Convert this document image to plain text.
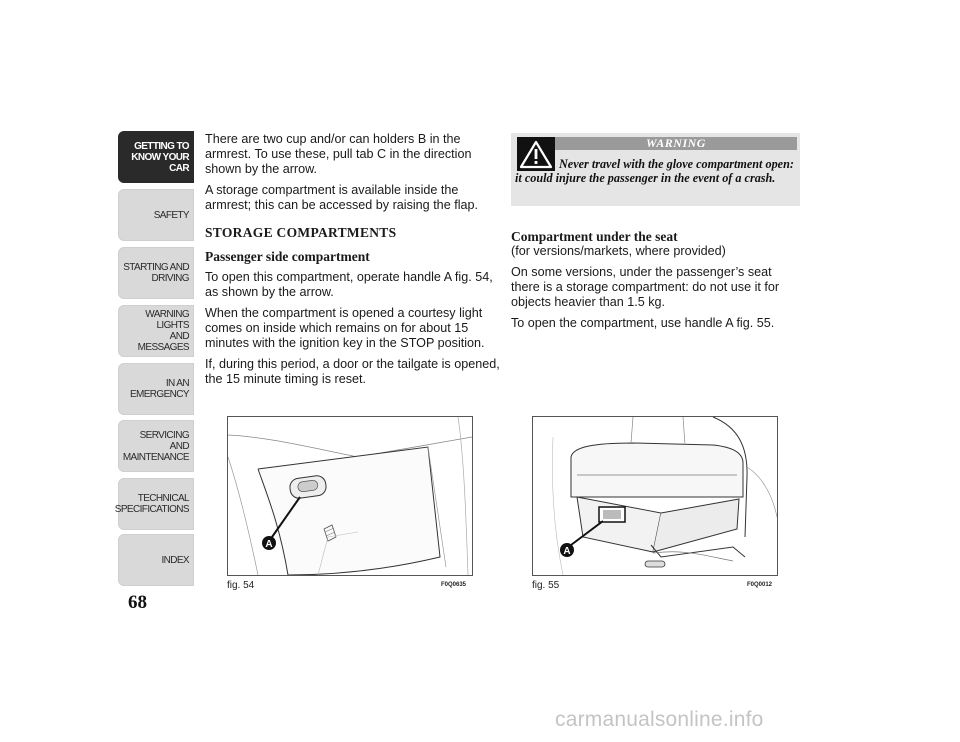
GETTING TO
KNOW YOUR CAR
SAFETY
STARTING AND
DRIVING
WARNING LIGHTS
AND MESSAGES
IN AN EMERGENCY
SERVICING AND
MAINTENANCE
TECHNICAL
SPECIFICATIONS
INDEX
68

There are two cup and/or can holders B in the armrest. To use these, pull tab C in the direction shown by the arrow.

A storage compartment is available inside the armrest; this can be accessed by raising the flap.

STORAGE COMPARTMENTS
Passenger side compartment

To open this compartment, operate handle A fig. 54, as shown by the arrow.

When the compartment is opened a courtesy light comes on inside which remains on for about 15 minutes with the ignition key in the STOP position.

If, during this period, a door or the tailgate is opened, the 15 minute timing is reset.

WARNING
Never travel with the glove compartment open: it could injure the passenger in the event of a crash.
Compartment under the seat

(for versions/markets, where provided)

On some versions, under the passenger’s seat there is a storage compartment: do not use it for objects heavier than 1.5 kg.

To open the compartment, use handle A fig. 55.

A
fig. 54	F0Q0635
A
fig. 55	F0Q0012
carmanualsonline.info
